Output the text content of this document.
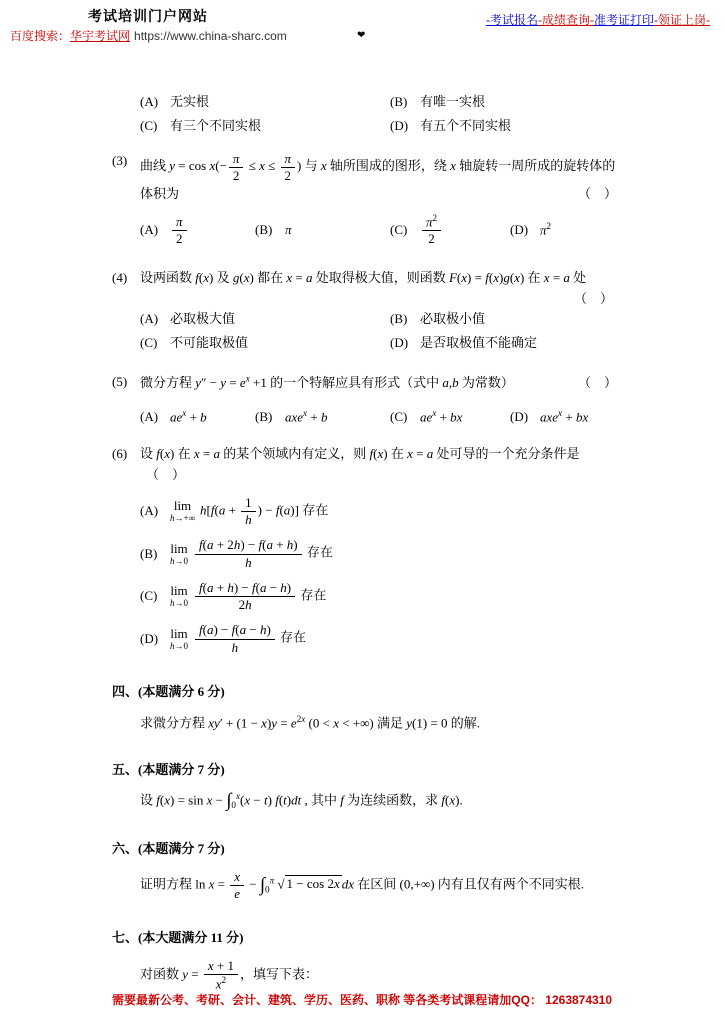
考试培训门户网站
百度搜索：华宇考试网 https://www.china-sharc.com
-考试报名-成绩查询-准考证打印-领证上岗-
❤
(A) 无实根	(B) 有唯一实根
(C) 有三个不同实根	(D) 有五个不同实根
(3) 曲线 $y = \cos x(- \frac{\pi}{2} \le x \le \frac{\pi}{2}$ ) 与 x 轴所围成的图形，绕 x 轴旋转一周所成的旋转体的体积为	（　）
(A)	$\frac{\pi}{2}$	(B) π	(C)	$\frac{\pi^2}{2}$	(D) $\pi^2$
(4) 设两函数 f(x) 及 g(x) 都在 x = a 处取得极大值，则函数 F(x) = f(x)g(x) 在 x = a 处
（　）
(A) 必取极大值	(B) 必取极小值
(C) 不可能取极值	(D) 是否取极值不能确定
(5) 微分方程 $y'' - y = e^x +1$ 的一个特解应具有形式（式中 a,b 为常数）	（　）
(A) $ae^x + b$	(B) axe$^x$ + b	(C) $ae^x$ + bx	(D) axe$^x$ + bx
(6) 设 f(x) 在 x = a 的某个领域内有定义，则 f(x) 在 x = a 处可导的一个充分条件是（　）
(A)	lim
h→+∞
$h[f(a + \frac{1}{h}$ ) − f(a)] 存在
(B) lim
$h\to 0 \frac{f(a + 2h) - f(a + h)}{h}$ 存在
(C) lim
$h\to 0 \frac{f(a + h) - f(a - h)}{2h}$ 存在
(D) lim
$h\to 0 \frac{f(a) - f(a - h)}{h}$ 存在
四、(本题满分 6 分)
求微分方程 $xy' + (1 - x)y = e^{2x}$ (0 < x < +∞) 满足 y(1) = 0 的解.
五、(本题满分 7 分)
设 $f(x) = \sin x - \int_0^x(x - t)$ f(t)dt , 其中 f 为连续函数，求 f(x).
六、(本题满分 7 分)
证明方程 $\ln x = \frac{x}{e} - \int_0^\pi$ √ 1 − cos 2x dx 在区间 (0,+∞) 内有且仅有两个不同实根.
七、(本大题满分 11 分)
对函数 $y = \frac{x + 1}{x^2}$ ，填写下表：
需要最新公考、考研、会计、建筑、学历、医药、职称 等各类考试课程请加QQ： 1263874310
